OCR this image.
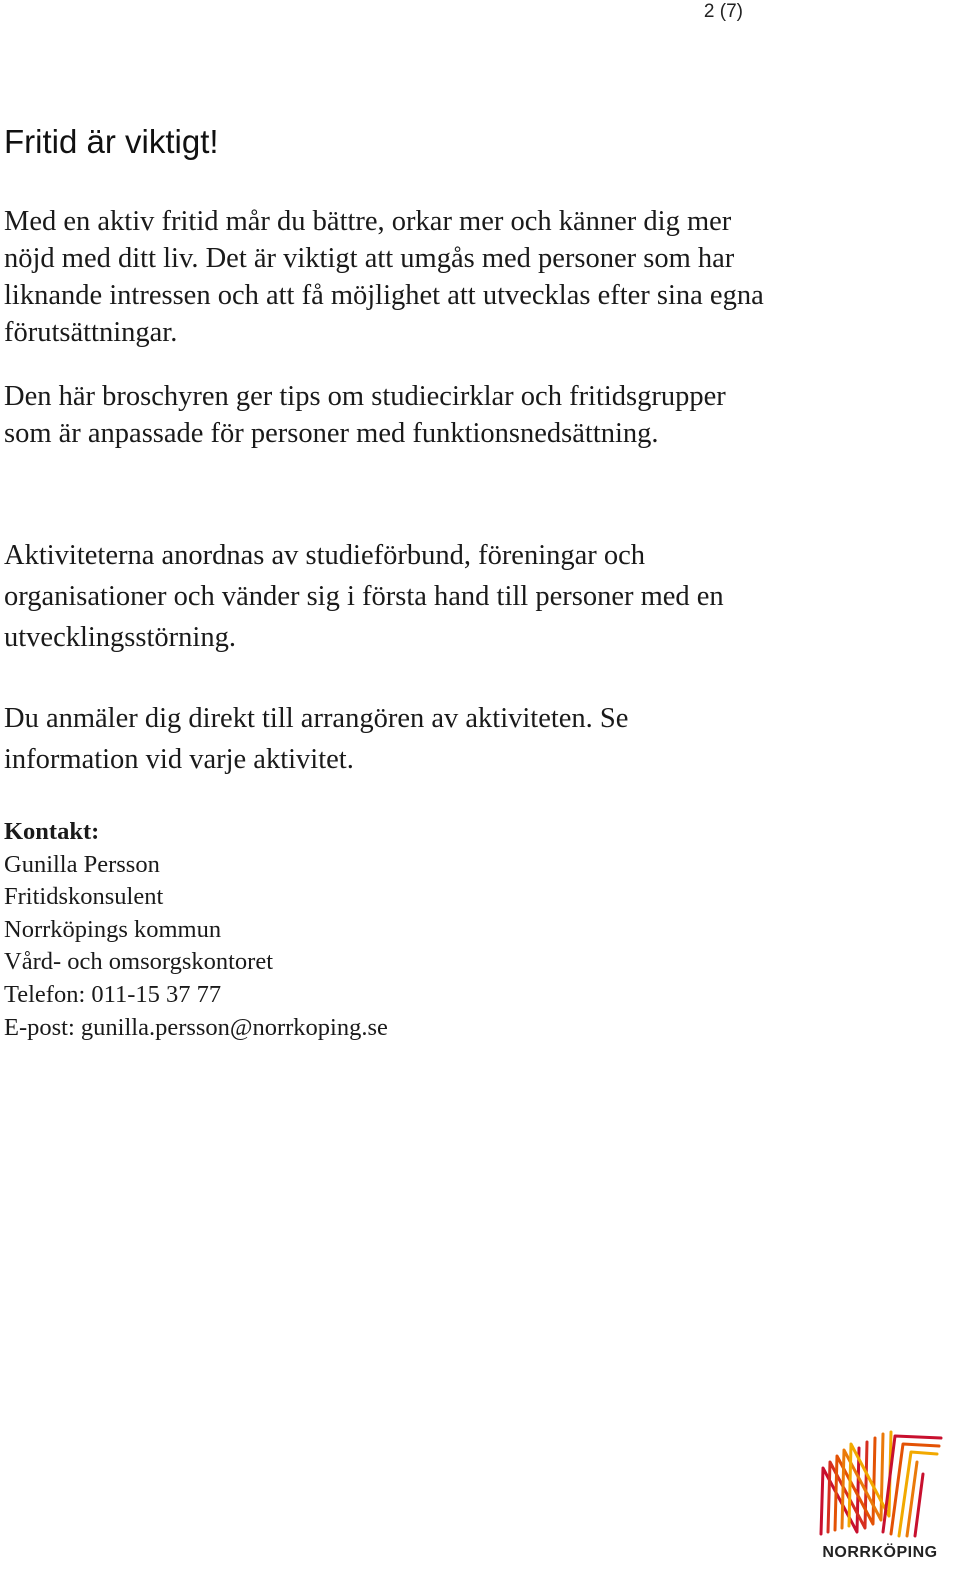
2 (7)
Fritid är viktigt!

Med en aktiv fritid mår du bättre, orkar mer och känner dig mer nöjd med ditt liv. Det är viktigt att umgås med personer som har liknande intressen och att få möjlighet att utvecklas efter sina egna förutsättningar.

Den här broschyren ger tips om studiecirklar och fritidsgrupper som är anpassade för personer med funktionsnedsättning.

Aktiviteterna anordnas av studieförbund, föreningar och organisationer och vänder sig i första hand till personer med en utvecklingsstörning.

Du anmäler dig direkt till arrangören av aktiviteten. Se information vid varje aktivitet.

Kontakt:
Gunilla Persson
Fritidskonsulent
Norrköpings kommun
Vård- och omsorgskontoret
Telefon: 011-15 37 77
E-post: gunilla.persson@norrkoping.se
NORRKÖPING
